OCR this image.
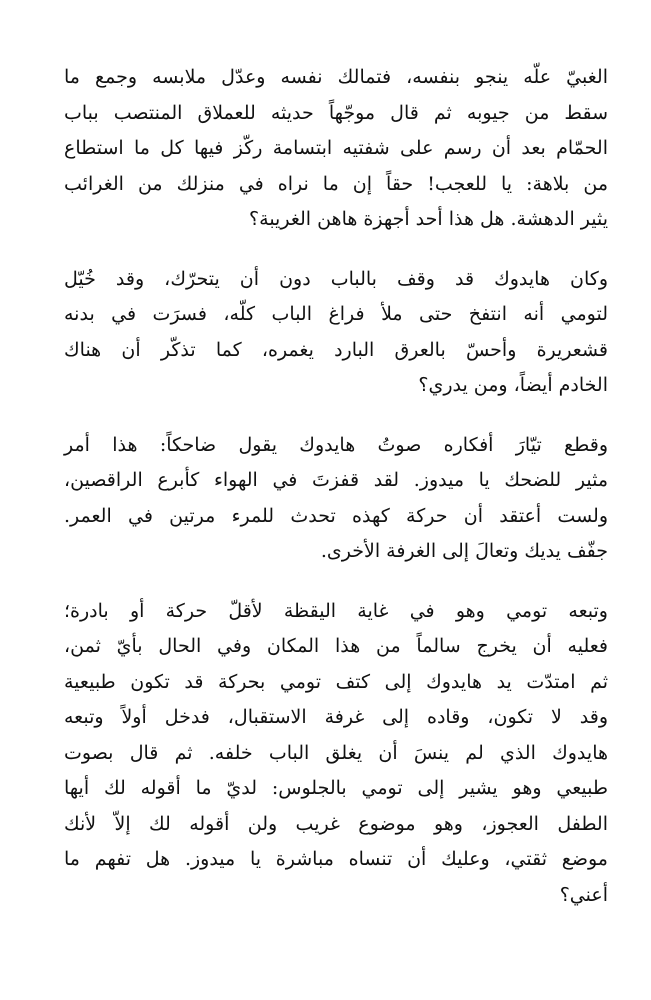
الغبيّ علّه ينجو بنفسه، فتمالك نفسه وعدّل ملابسه وجمع ما
سقط من جيوبه ثم قال موجّهاً حديثه للعملاق المنتصب بباب
الحمّام بعد أن رسم على شفتيه ابتسامة ركّز فيها كل ما استطاع
من بلاهة: يا للعجب! حقاً إن ما نراه في منزلك من الغرائب
يثير الدهشة. هل هذا أحد أجهزة هاهن الغريبة؟

وكان هايدوك قد وقف بالباب دون أن يتحرّك، وقد خُيّل
لتومي أنه انتفخ حتى ملأ فراغ الباب كلّه، فسرَت في بدنه
قشعريرة وأحسّ بالعرق البارد يغمره، كما تذكّر أن هناك
الخادم أيضاً، ومن يدري؟

وقطع تيّارَ أفكاره صوتُ هايدوك يقول ضاحكاً: هذا أمر
مثير للضحك يا ميدوز. لقد قفزتَ في الهواء كأبرع الراقصين،
ولست أعتقد أن حركة كهذه تحدث للمرء مرتين في العمر.
جفّف يديك وتعالَ إلى الغرفة الأخرى.

وتبعه تومي وهو في غاية اليقظة لأقلّ حركة أو بادرة؛
فعليه أن يخرج سالماً من هذا المكان وفي الحال بأيّ ثمن،
ثم امتدّت يد هايدوك إلى كتف تومي بحركة قد تكون طبيعية
وقد لا تكون، وقاده إلى غرفة الاستقبال، فدخل أولاً وتبعه
هايدوك الذي لم ينسَ أن يغلق الباب خلفه. ثم قال بصوت
طبيعي وهو يشير إلى تومي بالجلوس: لديّ ما أقوله لك أيها
الطفل العجوز، وهو موضوع غريب ولن أقوله لك إلاّ لأنك
موضع ثقتي، وعليك أن تنساه مباشرة يا ميدوز. هل تفهم ما
أعني؟
